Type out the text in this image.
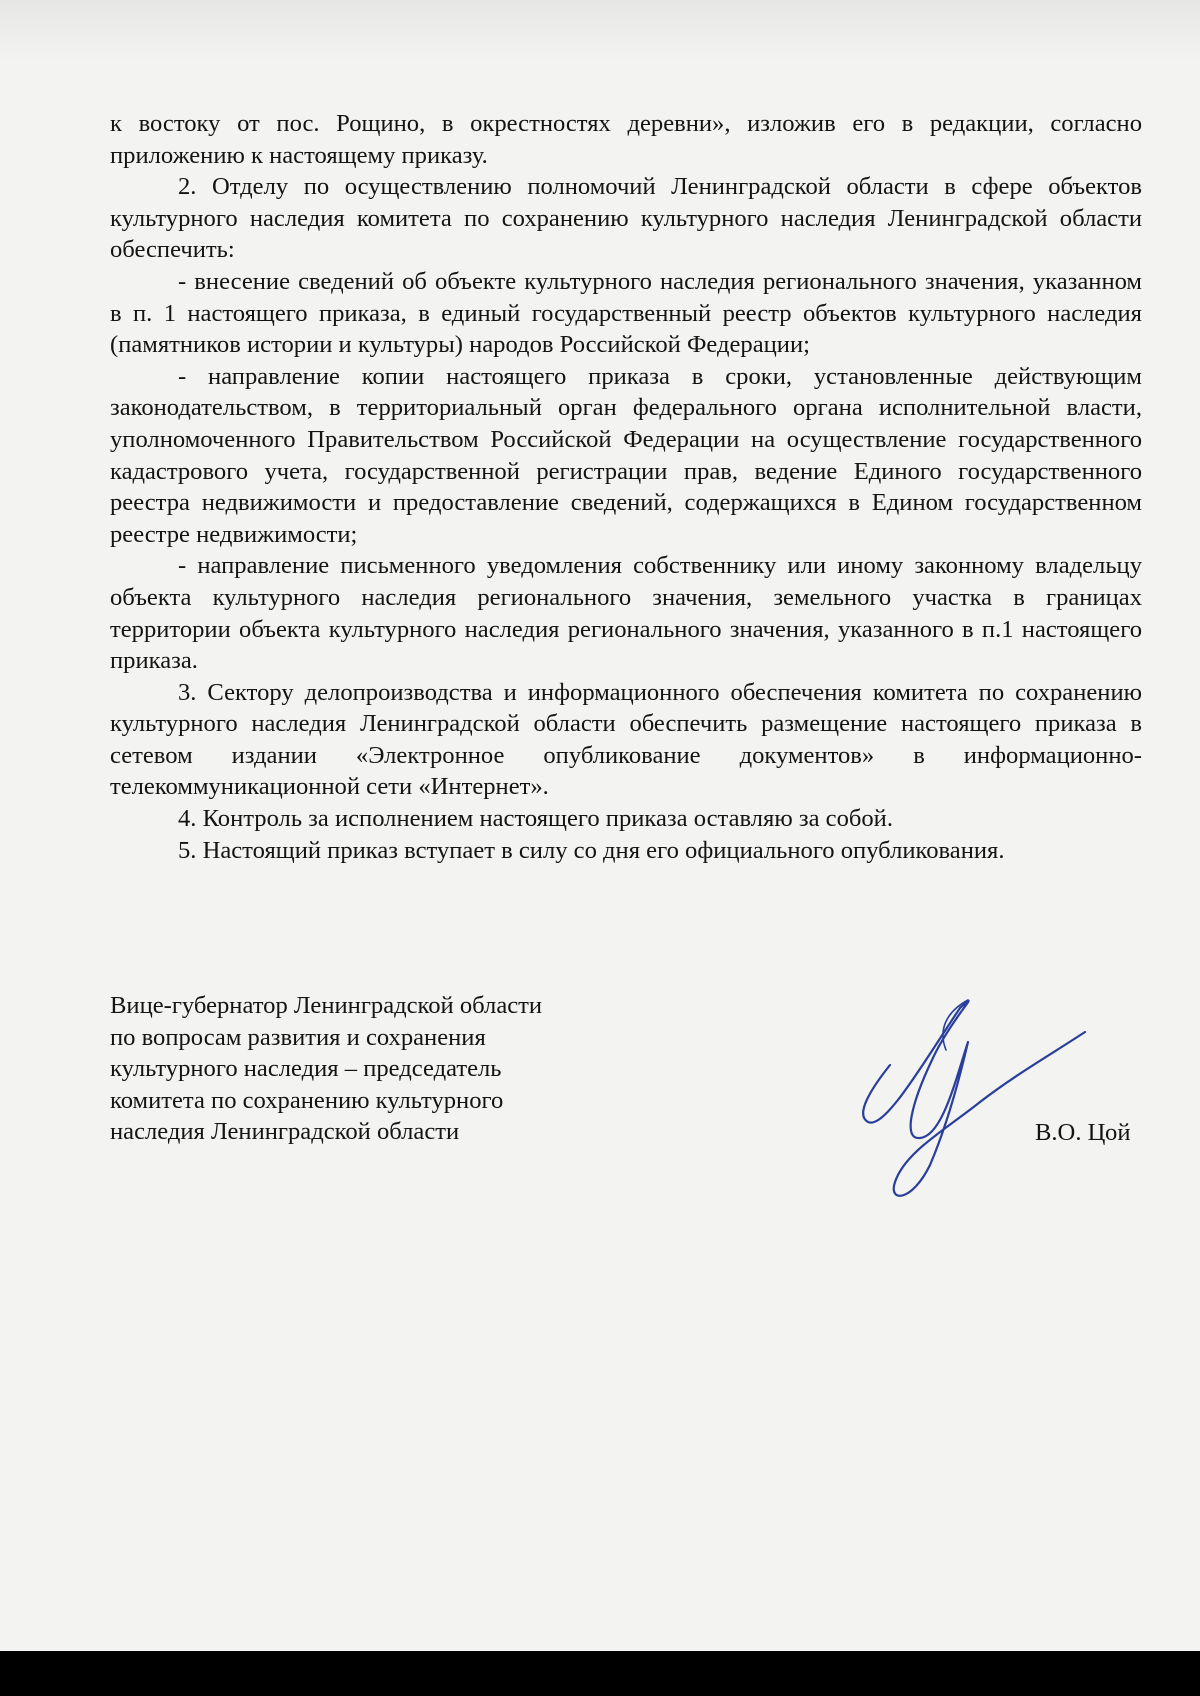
к востоку от пос. Рощино, в окрестностях деревни», изложив его в редакции, согласно приложению к настоящему приказу.

2. Отделу по осуществлению полномочий Ленинградской области в сфере объектов культурного наследия комитета по сохранению культурного наследия Ленинградской области обеспечить:

- внесение сведений об объекте культурного наследия регионального значения, указанном в п. 1 настоящего приказа, в единый государственный реестр объектов культурного наследия (памятников истории и культуры) народов Российской Федерации;

- направление копии настоящего приказа в сроки, установленные действующим законодательством, в территориальный орган федерального органа исполнительной власти, уполномоченного Правительством Российской Федерации на осуществление государственного кадастрового учета, государственной регистрации прав, ведение Единого государственного реестра недвижимости и предоставление сведений, содержащихся в Едином государственном реестре недвижимости;

- направление письменного уведомления собственнику или иному законному владельцу объекта культурного наследия регионального значения, земельного участка в границах территории объекта культурного наследия регионального значения, указанного в п.1 настоящего приказа.

3. Сектору делопроизводства и информационного обеспечения комитета по сохранению культурного наследия Ленинградской области обеспечить размещение настоящего приказа в сетевом издании «Электронное опубликование документов» в информационно-телекоммуникационной сети «Интернет».

4. Контроль за исполнением настоящего приказа оставляю за собой.

5. Настоящий приказ вступает в силу со дня его официального опубликования.

Вице-губернатор Ленинградской области
по вопросам развития и сохранения
культурного наследия – председатель
комитета по сохранению культурного
наследия Ленинградской области	В.О. Цой
